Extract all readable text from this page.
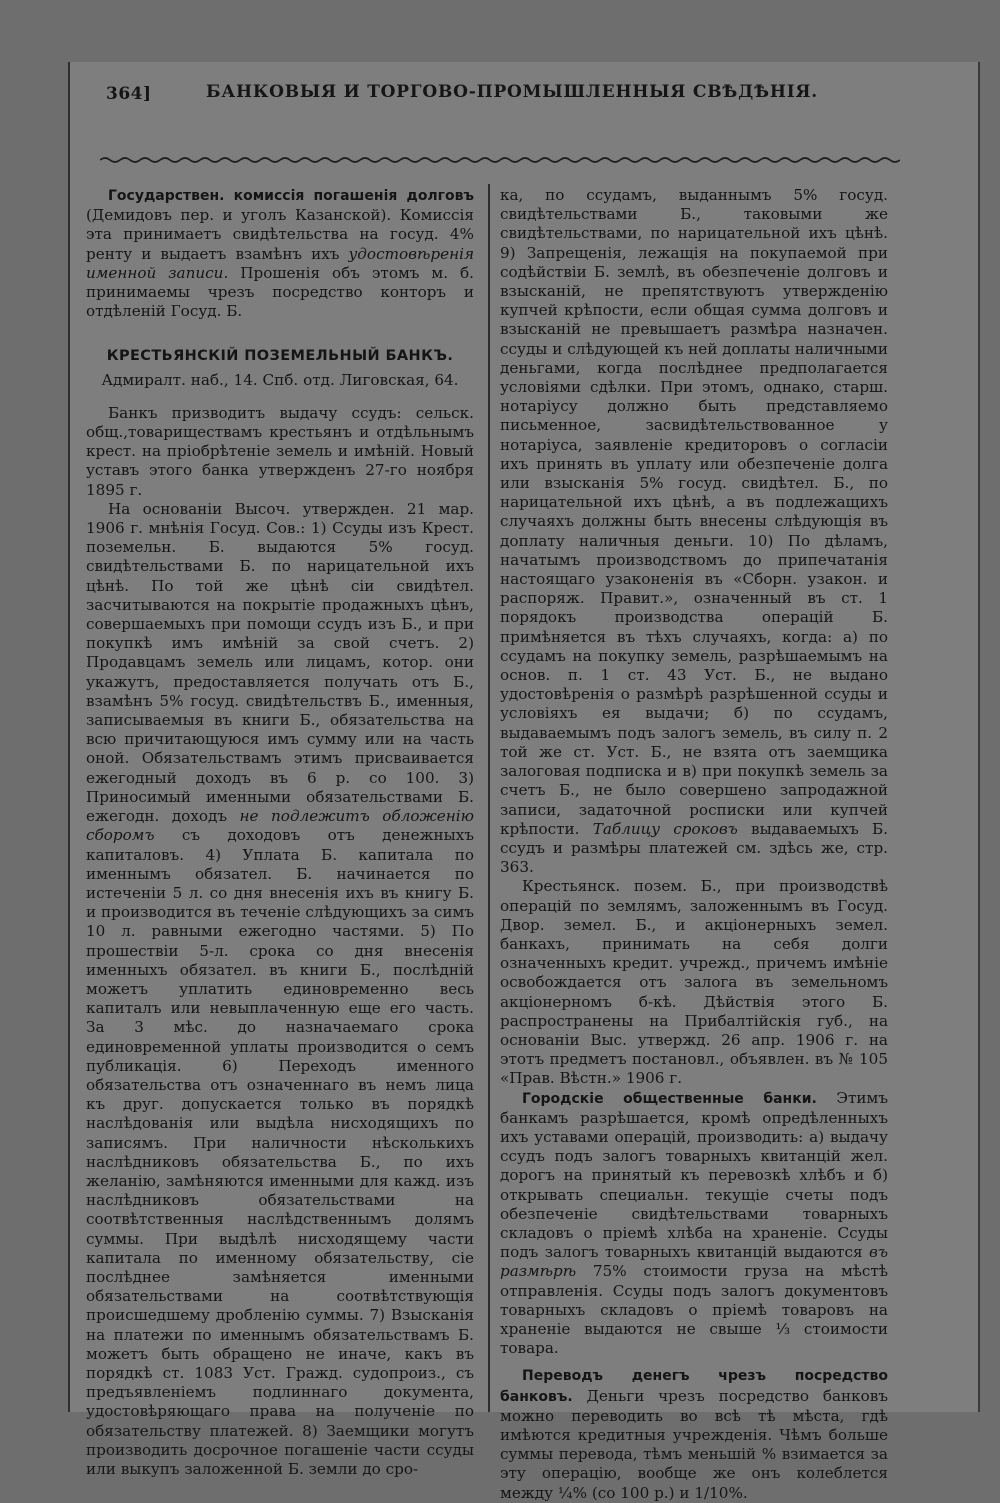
364]	БАНКОВЫЯ И ТОРГОВО-ПРОМЫШЛЕННЫЯ СВѢДѢНІЯ.

Государствен. комиссія погашенія долговъ (Демидовъ пер. и уголъ Казанской). Комиссія эта принимаетъ свидѣтельства на госуд. 4% ренту и выдаетъ взамѣнъ ихъ удостовѣренія именной записи. Прошенія объ этомъ м. б. принимаемы чрезъ посредство конторъ и отдѣленій Госуд. Б.

КРЕСТЬЯНСКІЙ ПОЗЕМЕЛЬНЫЙ БАНКЪ.
Адмиралт. наб., 14. Спб. отд. Лиговская, 64.

Банкъ призводитъ выдачу ссудъ: сельск. общ.,товариществамъ крестьянъ и отдѣльнымъ крест. на пріобрѣтеніе земель и имѣній. Новый уставъ этого банка утвержденъ 27-го ноября 1895 г.

На основаніи Высоч. утвержден. 21 мар. 1906 г. мнѣнія Госуд. Сов.: 1) Ссуды изъ Крест. поземельн. Б. выдаются 5% госуд. свидѣтельствами Б. по нарицательной ихъ цѣнѣ. По той же цѣнѣ сіи свидѣтел. засчитываются на покрытіе продажныхъ цѣнъ, совершаемыхъ при помощи ссудъ изъ Б., и при покупкѣ имъ имѣній за свой счетъ. 2) Продавцамъ земель или лицамъ, котор. они укажутъ, предоставляется получать отъ Б., взамѣнъ 5% госуд. свидѣтельствъ Б., именныя, записываемыя въ книги Б., обязательства на всю причитающуюся имъ сумму или на часть оной. Обязательствамъ этимъ присваивается ежегодный доходъ въ 6 р. со 100. 3) Приносимый именными обязательствами Б. ежегодн. доходъ не подлежитъ обложенію сборомъ съ доходовъ отъ денежныхъ капиталовъ. 4) Уплата Б. капитала по именнымъ обязател. Б. начинается по истеченіи 5 л. со дня внесенія ихъ въ книгу Б. и производится въ теченіе слѣдующихъ за симъ 10 л. равными ежегодно частями. 5) По прошествіи 5-л. срока со дня внесенія именныхъ обязател. въ книги Б., послѣдній можетъ уплатить единовременно весь капиталъ или невыплаченную еще его часть. За 3 мѣс. до назначаемаго срока единовременной уплаты производится о семъ публикація. 6) Переходъ именного обязательства отъ означеннаго въ немъ лица къ друг. допускается только въ порядкѣ наслѣдованія или выдѣла нисходящихъ по записямъ. При наличности нѣсколькихъ наслѣдниковъ обязательства Б., по ихъ желанію, замѣняются именными для кажд. изъ наслѣдниковъ обязательствами на соотвѣтственныя наслѣдственнымъ долямъ суммы. При выдѣлѣ нисходящему части капитала по именному обязательству, сіе послѣднее замѣняется именными обязательствами на соотвѣтствующія происшедшему дробленію суммы. 7) Взысканія на платежи по именнымъ обязательствамъ Б. можетъ быть обращено не иначе, какъ въ порядкѣ ст. 1083 Уст. Гражд. судопроиз., съ предъявленіемъ подлиннаго документа, удостовѣряющаго права на полученіе по обязательству платежей. 8) Заемщики могутъ производить досрочное погашеніе части ссуды или выкупъ заложенной Б. земли до сро-

ка, по ссудамъ, выданнымъ 5% госуд. свидѣтельствами Б., таковыми же свидѣтельствами, по нарицательной ихъ цѣнѣ. 9) Запрещенія, лежащія на покупаемой при содѣйствіи Б. землѣ, въ обезпеченіе долговъ и взысканій, не препятствуютъ утвержденію купчей крѣпости, если общая сумма долговъ и взысканій не превышаетъ размѣра назначен. ссуды и слѣдующей къ ней доплаты наличными деньгами, когда послѣднее предполагается условіями сдѣлки. При этомъ, однако, старш. нотаріусу должно быть представляемо письменное, засвидѣтельствованное у нотаріуса, заявленіе кредиторовъ о согласіи ихъ принять въ уплату или обезпеченіе долга или взысканія 5% госуд. свидѣтел. Б., по нарицательной ихъ цѣнѣ, а въ подлежащихъ случаяхъ должны быть внесены слѣдующія въ доплату наличныя деньги. 10) По дѣламъ, начатымъ производствомъ до припечатанія настоящаго узаконенія въ «Сборн. узакон. и распоряж. Правит.», означенный въ ст. 1 порядокъ производства операцій Б. примѣняется въ тѣхъ случаяхъ, когда: а) по ссудамъ на покупку земель, разрѣшаемымъ на основ. п. 1 ст. 43 Уст. Б., не выдано удостовѣренія о размѣрѣ разрѣшенной ссуды и условіяхъ ея выдачи; б) по ссудамъ, выдаваемымъ подъ залогъ земель, въ силу п. 2 той же ст. Уст. Б., не взята отъ заемщика залоговая подписка и в) при покупкѣ земель за счетъ Б., не было совершено запродажной записи, задаточной росписки или купчей крѣпости. Таблицу сроковъ выдаваемыхъ Б. ссудъ и размѣры платежей см. здѣсь же, стр. 363.

Крестьянск. позем. Б., при производствѣ операцій по землямъ, заложеннымъ въ Госуд. Двор. земел. Б., и акціонерныхъ земел. банкахъ, принимать на себя долги означенныхъ кредит. учрежд., причемъ имѣніе освобождается отъ залога въ земельномъ акціонерномъ б-кѣ. Дѣйствія этого Б. распространены на Прибалтійскія губ., на основаніи Выс. утвержд. 26 апр. 1906 г. на этотъ предметъ постановл., объявлен. въ № 105 «Прав. Вѣстн.» 1906 г.

Городскіе общественные банки. Этимъ банкамъ разрѣшается, кромѣ опредѣленныхъ ихъ уставами операцій, производить: а) выдачу ссудъ подъ залогъ товарныхъ квитанцій жел. дорогъ на принятый къ перевозкѣ хлѣбъ и б) открывать специальн. текущіе счеты подъ обезпеченіе свидѣтельствами товарныхъ складовъ о пріемѣ хлѣба на храненіе. Ссуды подъ залогъ товарныхъ квитанцій выдаются въ размѣрѣ 75% стоимости груза на мѣстѣ отправленія. Ссуды подъ залогъ документовъ товарныхъ складовъ о пріемѣ товаровъ на храненіе выдаются не свыше ⅓ стоимости товара.

Переводъ денегъ чрезъ посредство банковъ. Деньги чрезъ посредство банковъ можно переводить во всѣ тѣ мѣста, гдѣ имѣются кредитныя учрежденія. Чѣмъ больше суммы перевода, тѣмъ меньшій % взимается за эту операцію, вообще же онъ колеблется между ¼% (со 100 р.) и 1/10%.
